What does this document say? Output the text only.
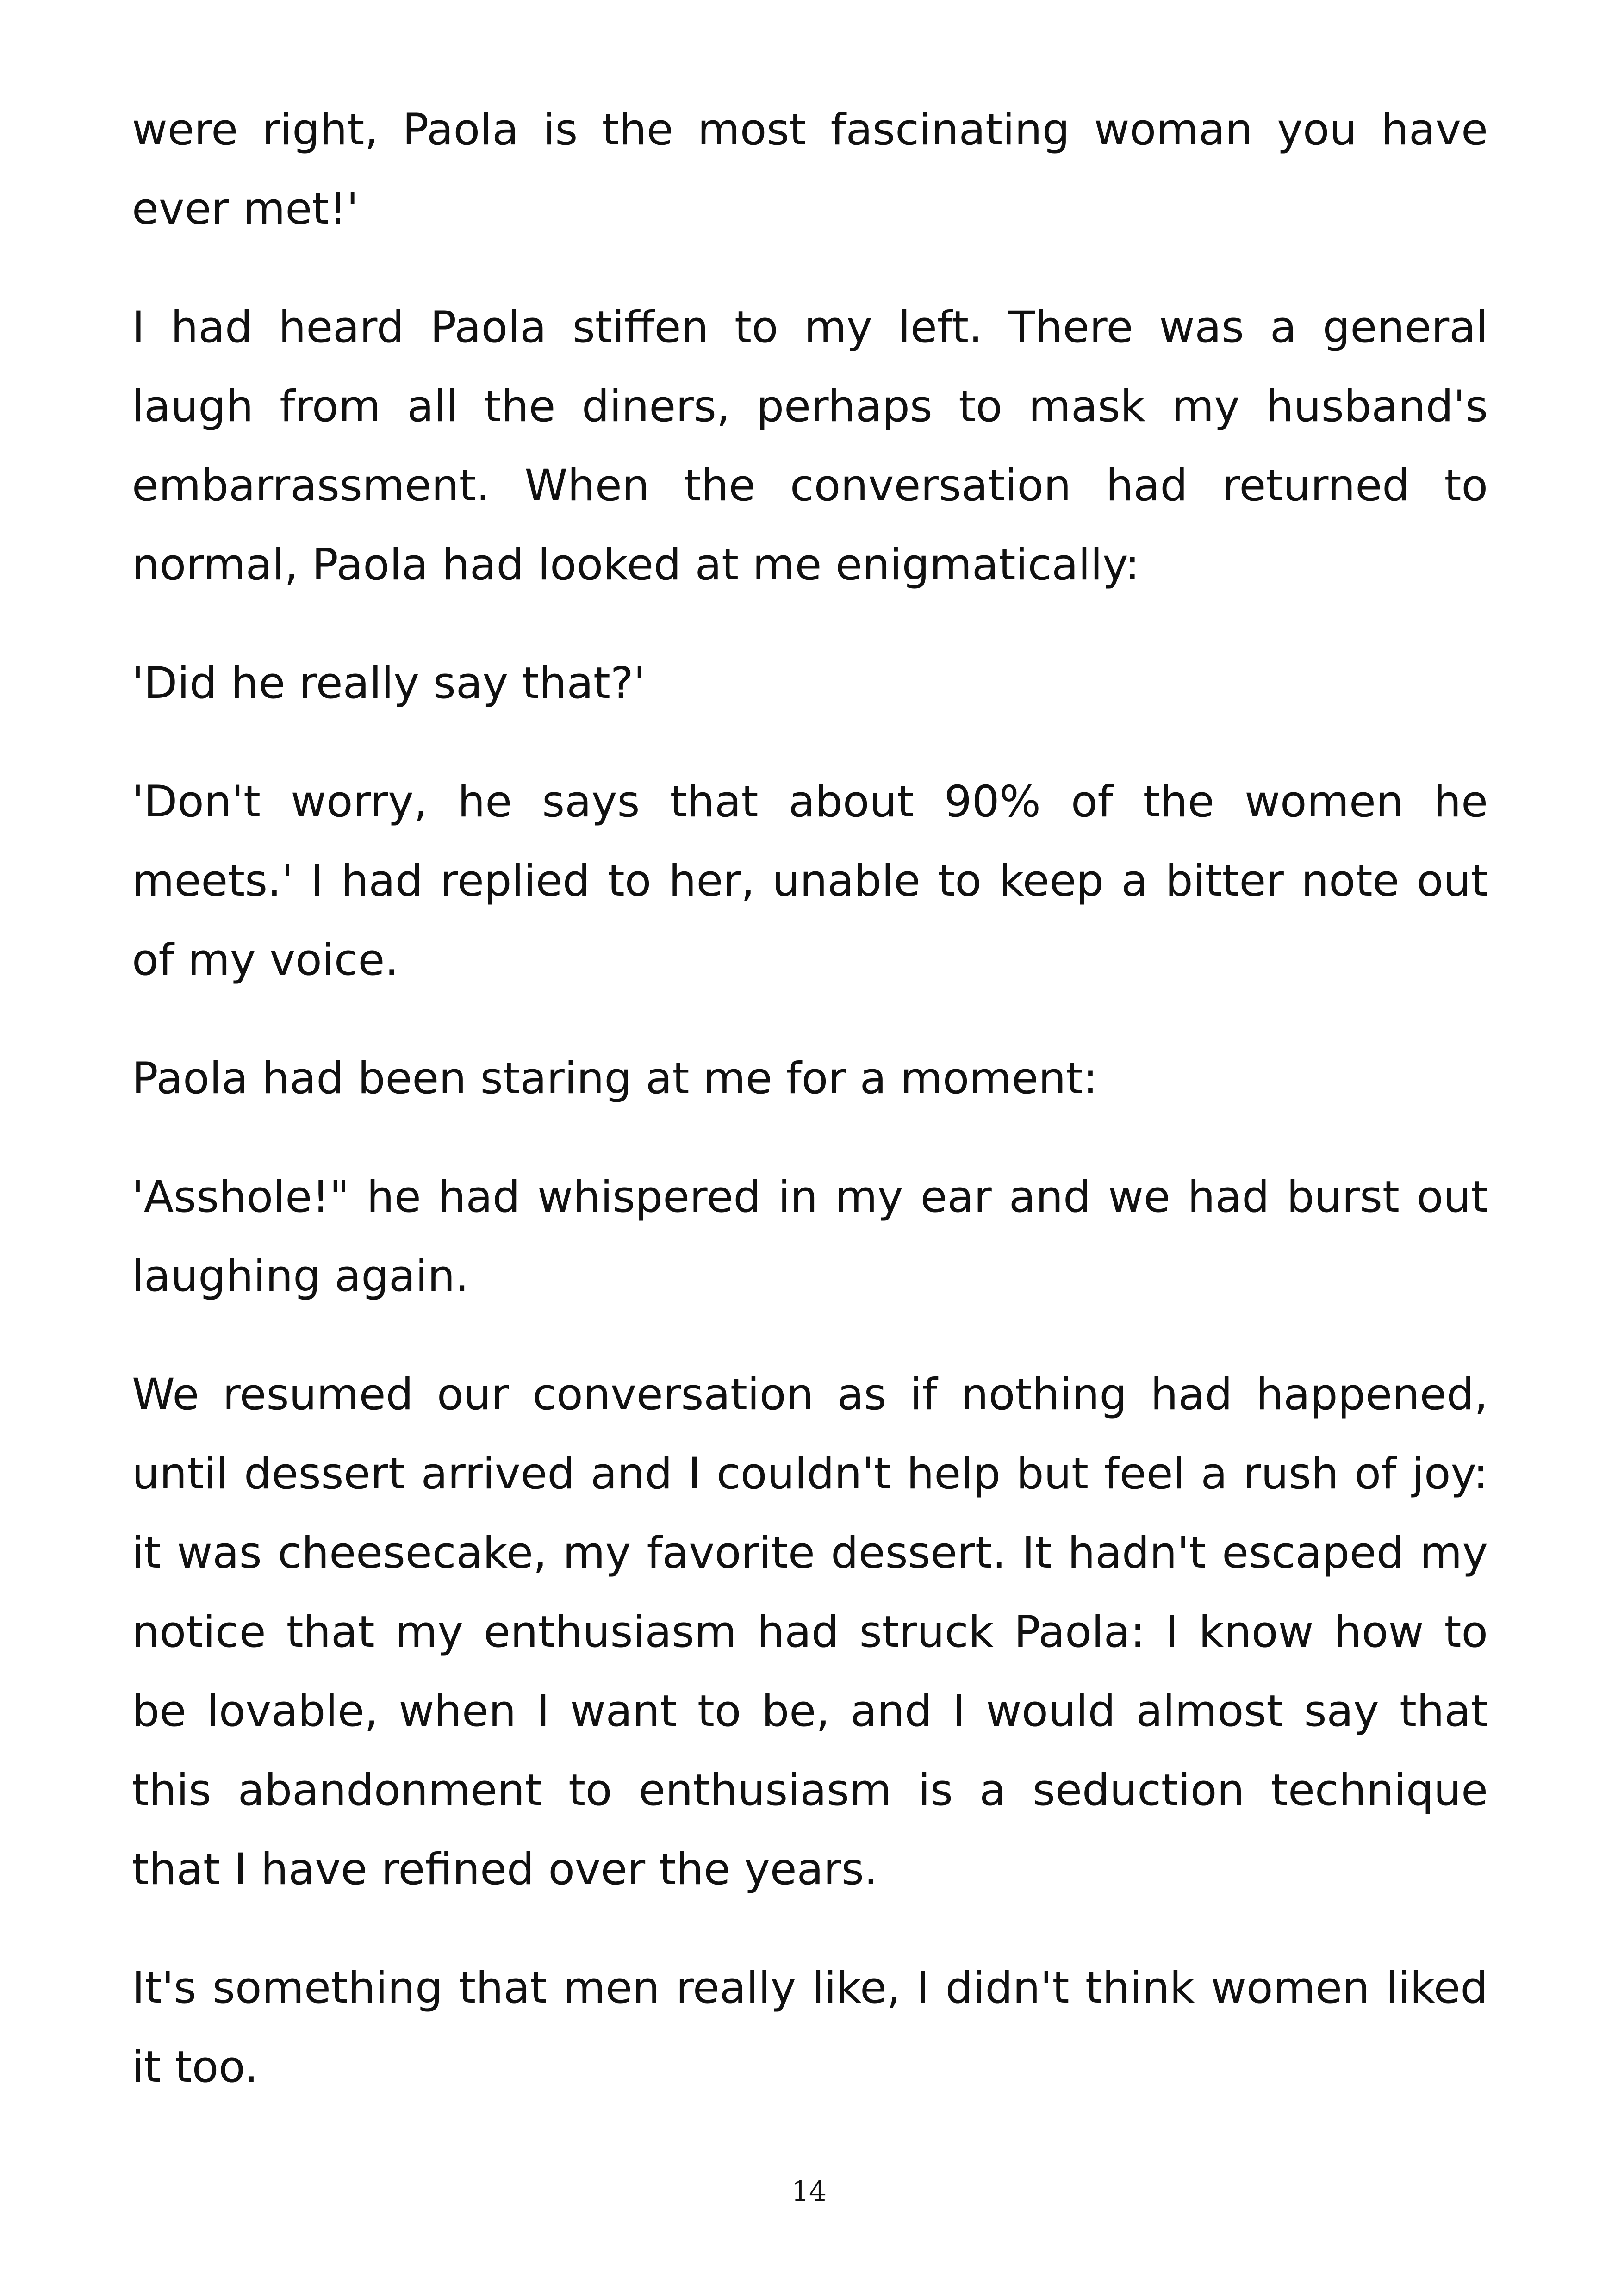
were right, Paola is the most fascinating woman you have ever met!'

I had heard Paola stiffen to my left. There was a general laugh from all the diners, perhaps to mask my husband's embarrassment. When the conversation had returned to normal, Paola had looked at me enigmatically:

'Did he really say that?'

'Don't worry, he says that about 90% of the women he meets.' I had replied to her, unable to keep a bitter note out of my voice.

Paola had been staring at me for a moment:

'Asshole!" he had whispered in my ear and we had burst out laughing again.

We resumed our conversation as if nothing had happened, until dessert arrived and I couldn't help but feel a rush of joy: it was cheesecake, my favorite dessert. It hadn't escaped my notice that my enthusiasm had struck Paola: I know how to be lovable, when I want to be, and I would almost say that this abandonment to enthusiasm is a seduction technique that I have refined over the years.

It's something that men really like, I didn't think women liked it too.

14
